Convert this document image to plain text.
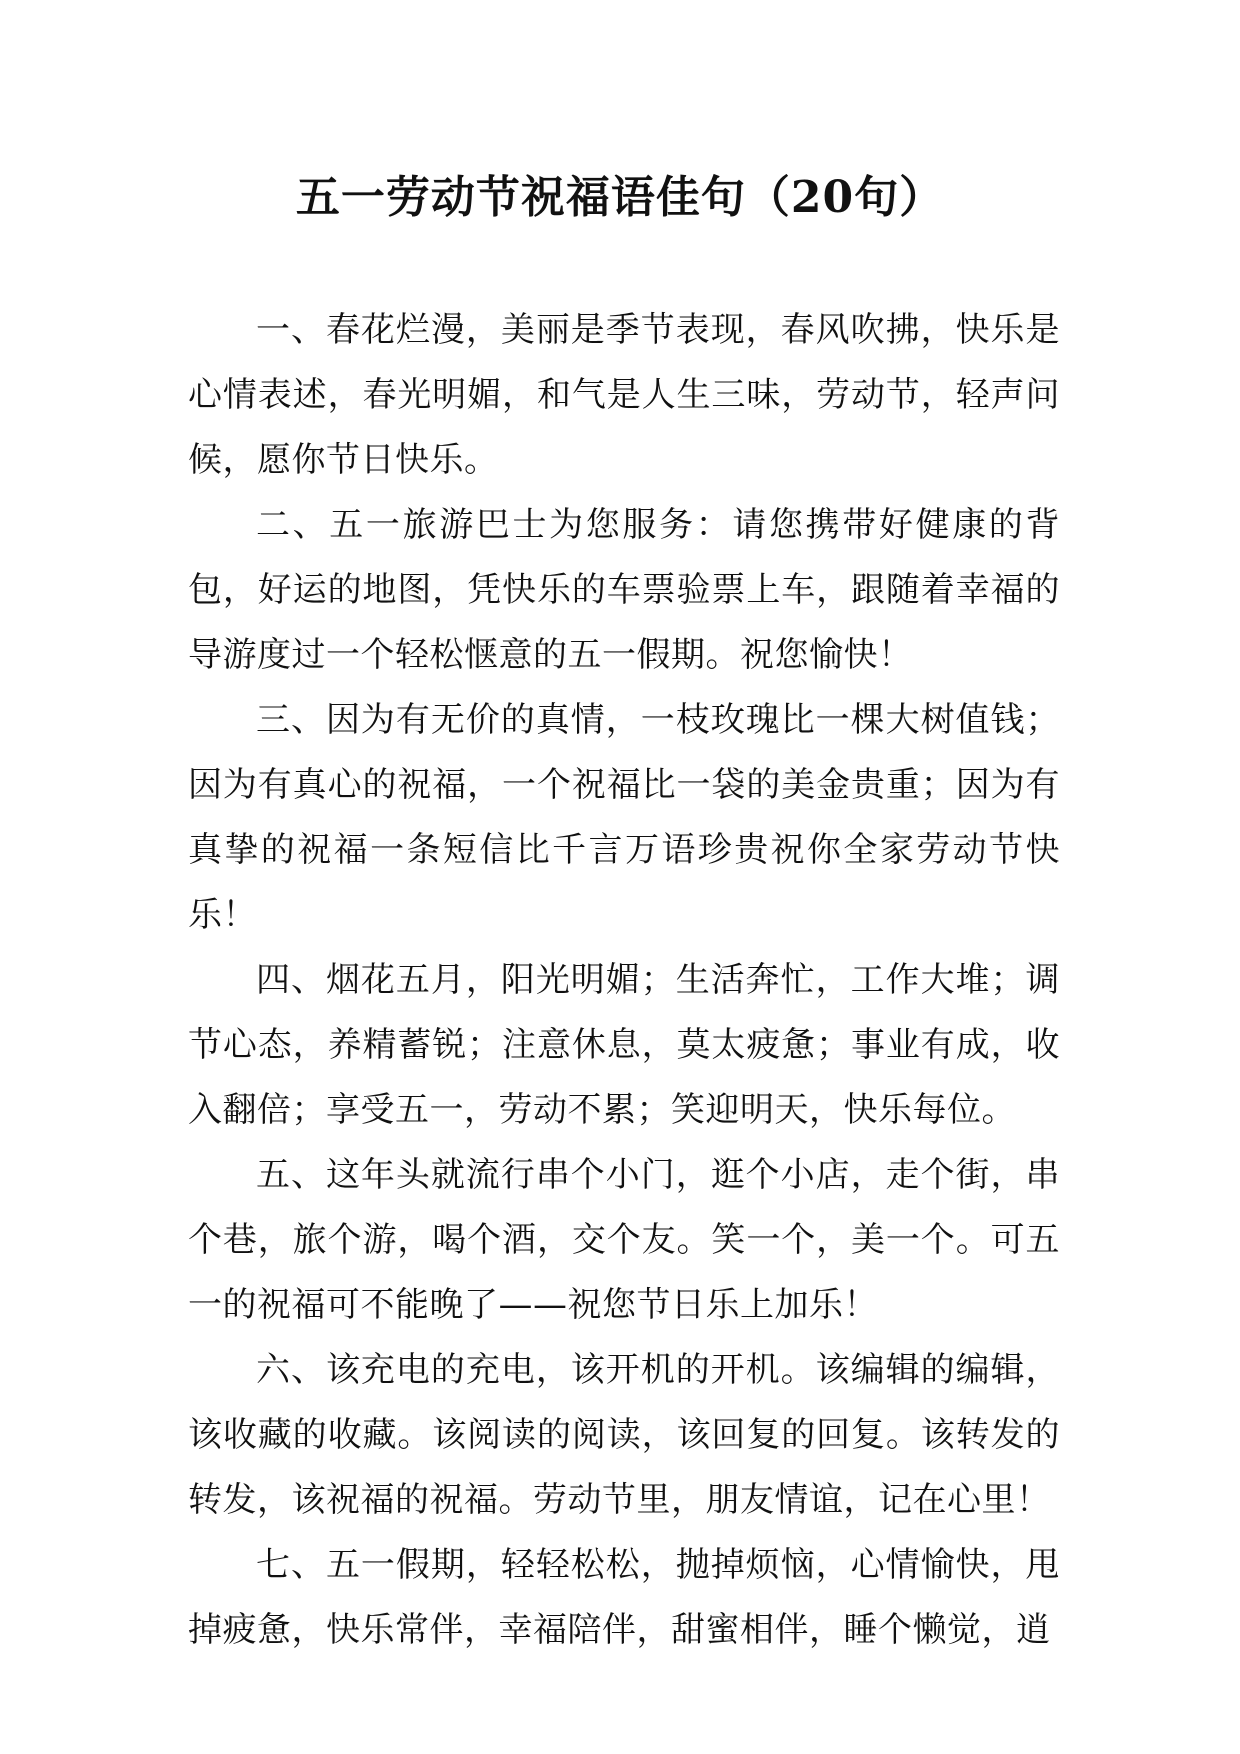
五一劳动节祝福语佳句（20句）

一、春花烂漫，美丽是季节表现，春风吹拂，快乐是心情表述，春光明媚，和气是人生三味，劳动节，轻声问候，愿你节日快乐。

二、五一旅游巴士为您服务：请您携带好健康的背包，好运的地图，凭快乐的车票验票上车，跟随着幸福的导游度过一个轻松惬意的五一假期。祝您愉快！

三、因为有无价的真情，一枝玫瑰比一棵大树值钱；因为有真心的祝福，一个祝福比一袋的美金贵重；因为有真挚的祝福一条短信比千言万语珍贵祝你全家劳动节快乐！

四、烟花五月，阳光明媚；生活奔忙，工作大堆；调节心态，养精蓄锐；注意休息，莫太疲惫；事业有成，收入翻倍；享受五一，劳动不累；笑迎明天，快乐每位。

五、这年头就流行串个小门，逛个小店，走个街，串个巷，旅个游，喝个酒，交个友。笑一个，美一个。可五一的祝福可不能晚了——祝您节日乐上加乐！

六、该充电的充电，该开机的开机。该编辑的编辑，该收藏的收藏。该阅读的阅读，该回复的回复。该转发的转发，该祝福的祝福。劳动节里，朋友情谊，记在心里！

七、五一假期，轻轻松松，抛掉烦恼，心情愉快，甩掉疲惫，快乐常伴，幸福陪伴，甜蜜相伴，睡个懒觉，逍
